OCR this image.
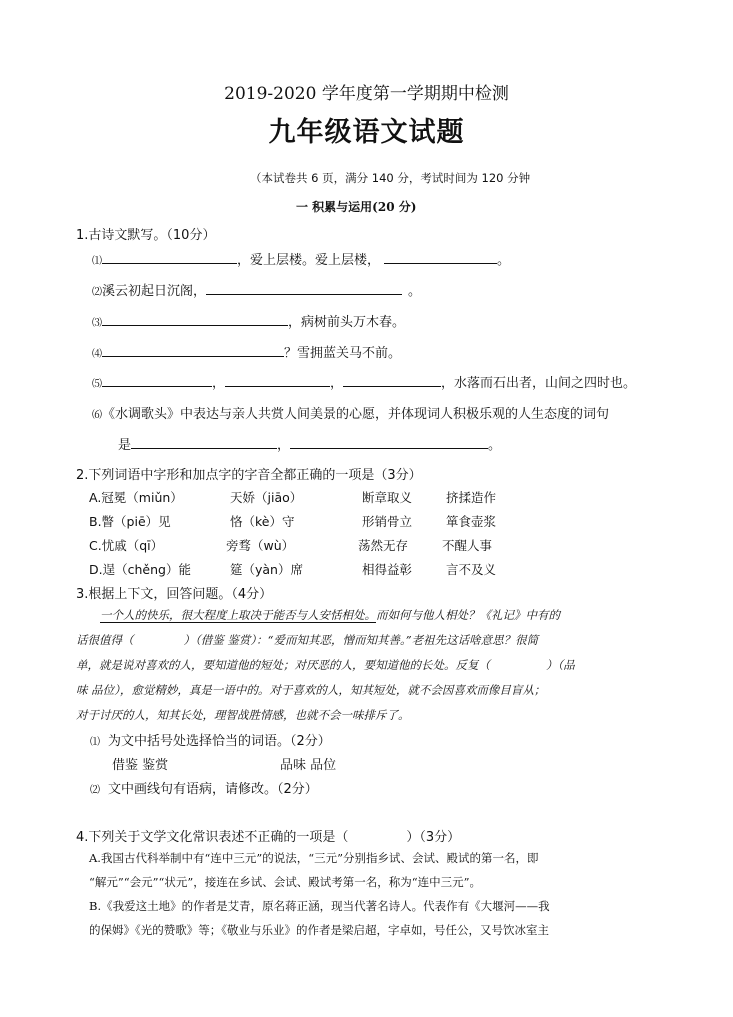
2019-2020 学年度第一学期期中检测
九年级语文试题
（本试卷共 6 页，满分 140 分，考试时间为 120 分钟
一 积累与运用(20 分)
1.古诗文默写。（10分）
⑴	，爱上层楼。爱上层楼，	。
⑵溪云初起日沉阁，	。
⑶	，病树前头万木春。
⑷	？雪拥蓝关马不前。
⑸	，	，	，水落而石出者，山间之四时也。
⑹《水调歌头》中表达与亲人共赏人间美景的心愿，并体现词人积极乐观的人生态度的词句
是	，	。
2.下列词语中字形和加点字的字音全都正确的一项是（3分）
A.冠冕（miǔn）	天娇（jiāo）	断章取义	挤揉造作
B.瞥（piē）见	恪（kè）守	形销骨立	箪食壶浆
C.忧戚（qī）	旁骛（wù）	荡然无存	不醒人事
D.逞（chěng）能	筵（yàn）席	相得益彰	言不及义
3.根据上下文，回答问题。（4分）
一个人的快乐，很大程度上取决于能否与人安恬相处。而如何与他人相处？《礼记》中有的
话很值得（	）（借鉴 鉴赏）：“爱而知其恶，憎而知其善。”老祖先这话啥意思？很简
单，就是说对喜欢的人，要知道他的短处；对厌恶的人，要知道他的长处。反复（	）（品
味 品位），愈觉精妙，真是一语中的。对于喜欢的人，知其短处，就不会因喜欢而像目盲从；
对于讨厌的人，知其长处，理智战胜情感，也就不会一味排斥了。
⑴ 为文中括号处选择恰当的词语。（2分）
借鉴 鉴赏	品味 品位
⑵ 文中画线句有语病，请修改。（2分）
4.下列关于文学文化常识表述不正确的一项是（	）（3分）
A.我国古代科举制中有“连中三元”的说法，“三元”分别指乡试、会试、殿试的第一名，即
“解元”“会元”“状元”，接连在乡试、会试、殿试考第一名，称为“连中三元”。
B.《我爱这土地》的作者是艾青，原名蒋正涵，现当代著名诗人。代表作有《大堰河——我
的保姆》《光的赞歌》等；《敬业与乐业》的作者是梁启超，字卓如，号任公，又号饮冰室主
